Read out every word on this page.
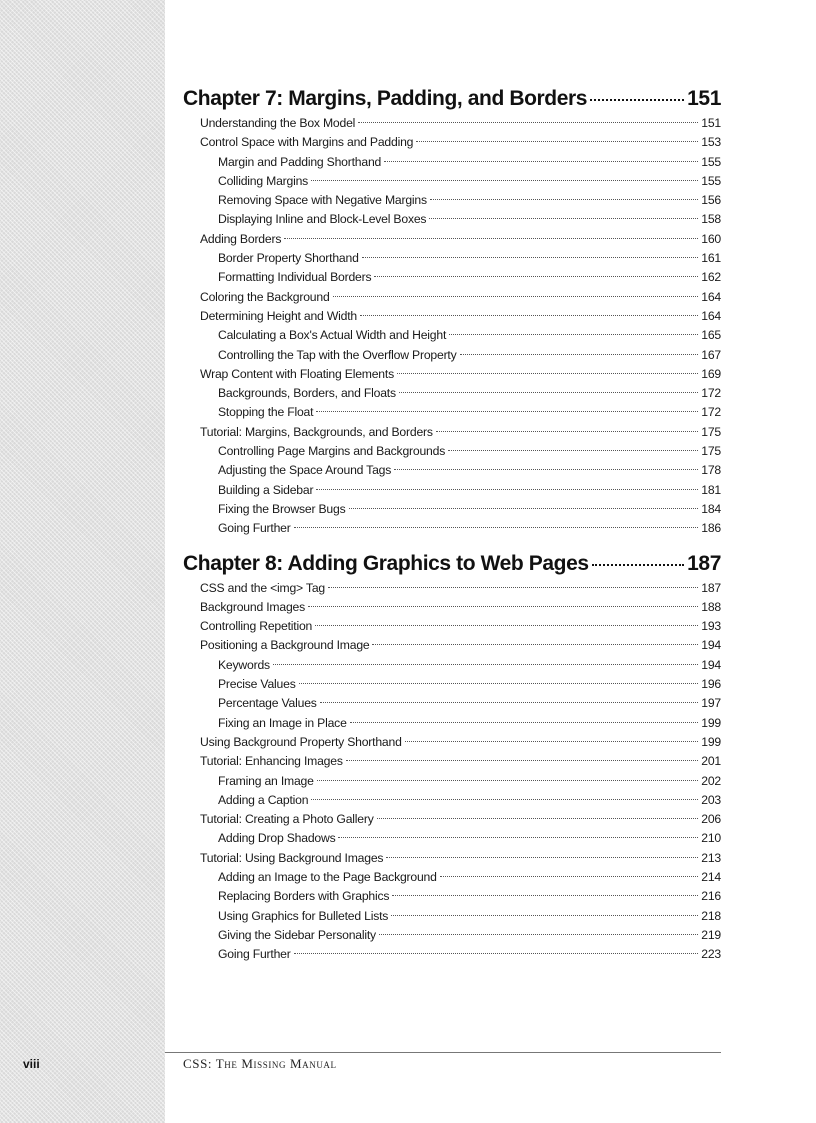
Chapter 7: Margins, Padding, and Borders	151
Understanding the Box Model	151
Control Space with Margins and Padding	153
Margin and Padding Shorthand	155
Colliding Margins	155
Removing Space with Negative Margins	156
Displaying Inline and Block-Level Boxes	158
Adding Borders	160
Border Property Shorthand	161
Formatting Individual Borders	162
Coloring the Background	164
Determining Height and Width	164
Calculating a Box's Actual Width and Height	165
Controlling the Tap with the Overflow Property	167
Wrap Content with Floating Elements	169
Backgrounds, Borders, and Floats	172
Stopping the Float	172
Tutorial: Margins, Backgrounds, and Borders	175
Controlling Page Margins and Backgrounds	175
Adjusting the Space Around Tags	178
Building a Sidebar	181
Fixing the Browser Bugs	184
Going Further	186
Chapter 8: Adding Graphics to Web Pages	187
CSS and the <img> Tag	187
Background Images	188
Controlling Repetition	193
Positioning a Background Image	194
Keywords	194
Precise Values	196
Percentage Values	197
Fixing an Image in Place	199
Using Background Property Shorthand	199
Tutorial: Enhancing Images	201
Framing an Image	202
Adding a Caption	203
Tutorial: Creating a Photo Gallery	206
Adding Drop Shadows	210
Tutorial: Using Background Images	213
Adding an Image to the Page Background	214
Replacing Borders with Graphics	216
Using Graphics for Bulleted Lists	218
Giving the Sidebar Personality	219
Going Further	223
viii	CSS: The Missing Manual
